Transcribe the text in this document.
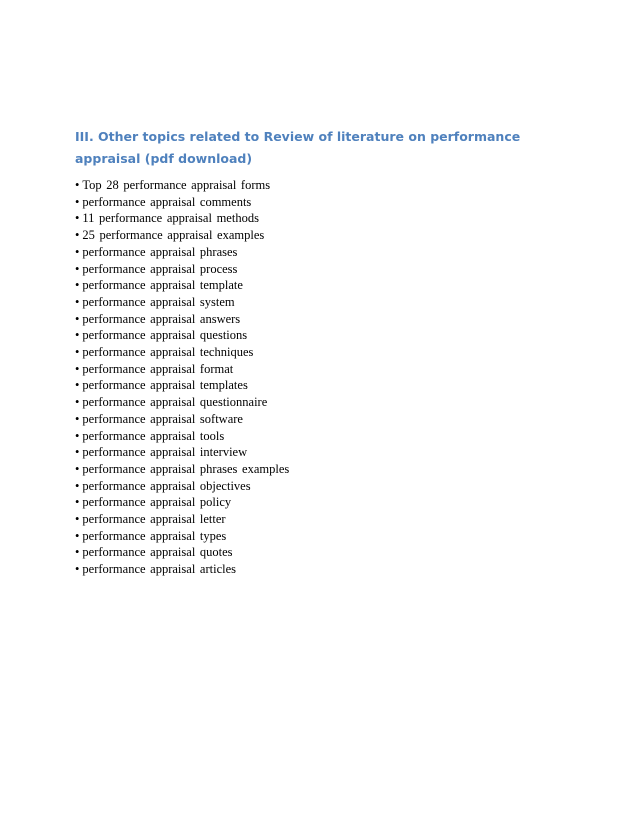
III. Other topics related to Review of literature on performance appraisal (pdf download)
• Top 28 performance appraisal forms
• performance appraisal comments
• 11 performance appraisal methods
• 25 performance appraisal examples
• performance appraisal phrases
• performance appraisal process
• performance appraisal template
• performance appraisal system
• performance appraisal answers
• performance appraisal questions
• performance appraisal techniques
• performance appraisal format
• performance appraisal templates
• performance appraisal questionnaire
• performance appraisal software
• performance appraisal tools
• performance appraisal interview
• performance appraisal phrases examples
• performance appraisal objectives
• performance appraisal policy
• performance appraisal letter
• performance appraisal types
• performance appraisal quotes
• performance appraisal articles
